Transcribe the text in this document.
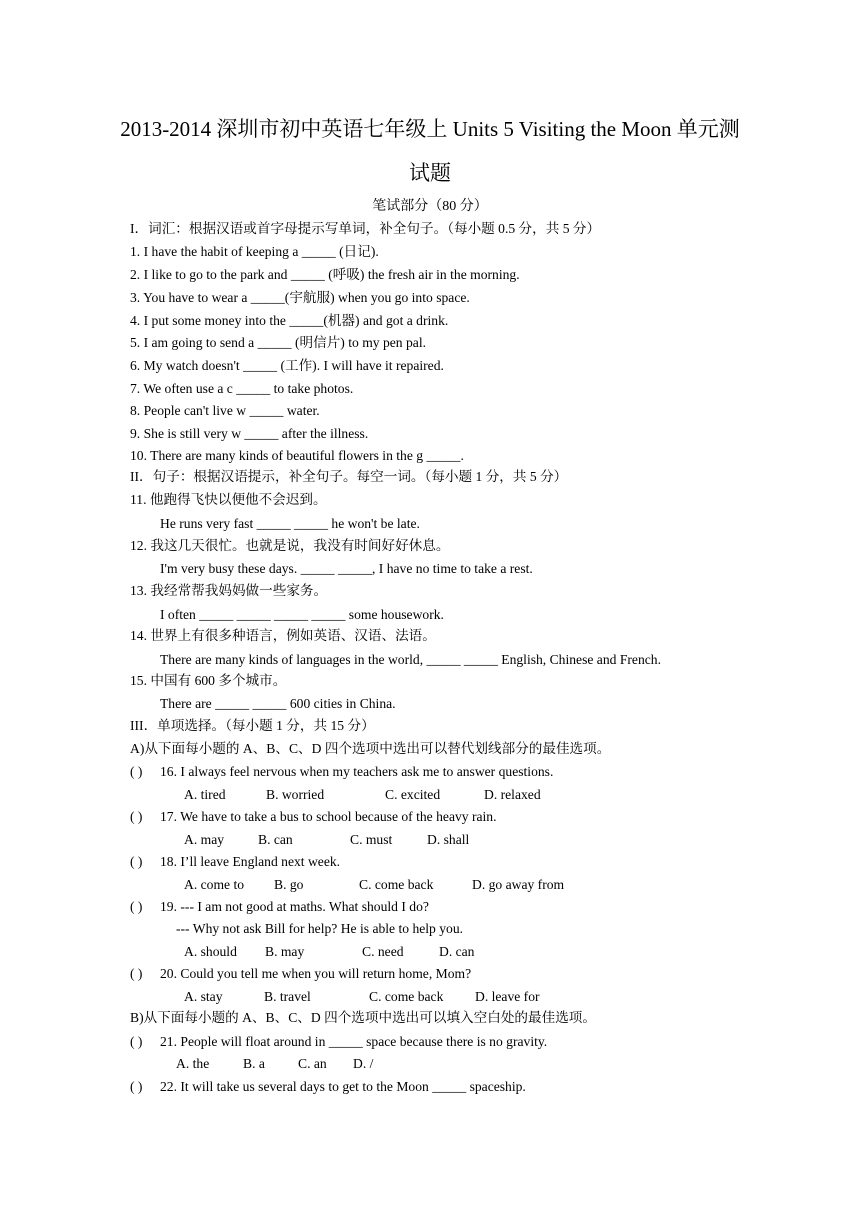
2013-2014 深圳市初中英语七年级上 Units 5 Visiting the Moon 单元测
试题
笔试部分（80 分）
I．词汇：根据汉语或首字母提示写单词，补全句子。（每小题 0.5 分，共 5 分）
1. I have the habit of keeping a _____ (日记).
2. I like to go to the park and _____ (呼吸) the fresh air in the morning.
3. You have to wear a _____(宇航服) when you go into space.
4. I put some money into the _____(机器) and got a drink.
5. I am going to send a _____ (明信片) to my pen pal.
6. My watch doesn't _____ (工作). I will have it repaired.
7. We often use a c _____ to take photos.
8. People can't live w _____ water.
9. She is still very w _____ after the illness.
10. There are many kinds of beautiful flowers in the g _____.
II．句子：根据汉语提示，补全句子。每空一词。（每小题 1 分，共 5 分）
11. 他跑得飞快以便他不会迟到。
He runs very fast _____ _____ he won't be late.
12. 我这几天很忙。也就是说，我没有时间好好休息。
I'm very busy these days. _____ _____, I have no time to take a rest.
13. 我经常帮我妈妈做一些家务。
I often _____ _____ _____ _____ some housework.
14. 世界上有很多种语言，例如英语、汉语、法语。
There are many kinds of languages in the world, _____ _____ English, Chinese and French.
15. 中国有 600 多个城市。
There are _____ _____ 600 cities in China.
III．单项选择。（每小题 1 分，共 15 分）
A)从下面每小题的 A、B、C、D 四个选项中选出可以替代划线部分的最佳选项。
( ) 16. I always feel nervous when my teachers ask me to answer questions.
A. tired	B. worried	C. excited	D. relaxed
( ) 17. We have to take a bus to school because of the heavy rain.
A. may B. can	C. must	D. shall
( ) 18. I’ll leave England next week.
A. come to B. go	C. come back	D. go away from
( ) 19. --- I am not good at maths. What should I do?
--- Why not ask Bill for help? He is able to help you.
A. should B. may	C. need	D. can
( ) 20. Could you tell me when you will return home, Mom?
A. stay	B. travel	C. come back D. leave for
B)从下面每小题的 A、B、C、D 四个选项中选出可以填入空白处的最佳选项。
( ) 21. People will float around in _____ space because there is no gravity.
A. the B. a C. an D. /
( ) 22. It will take us several days to get to the Moon _____ spaceship.
